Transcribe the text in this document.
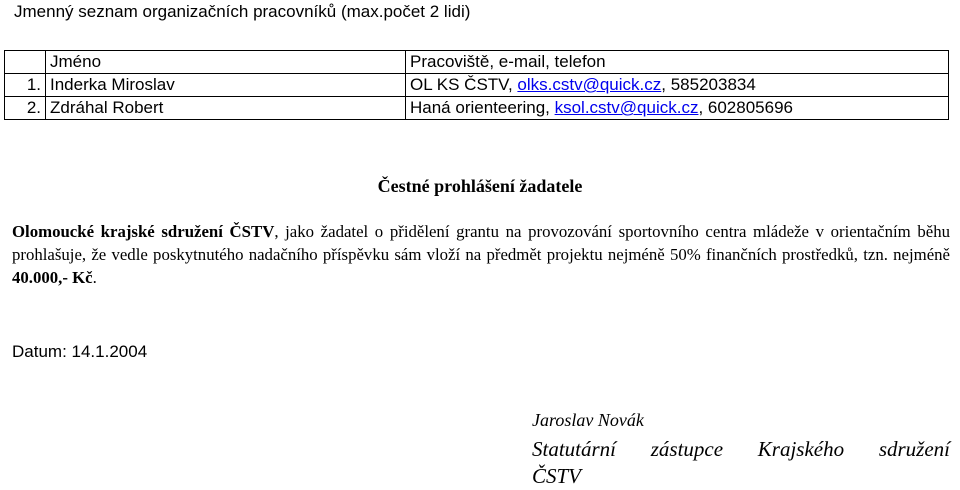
Jmenný seznam organizačních pracovníků (max.počet 2 lidi)
	Jméno	Pracoviště, e-mail, telefon
1.	Inderka Miroslav	OL KS ČSTV, olks.cstv@quick.cz, 585203834
2.	Zdráhal Robert	Haná orienteering, ksol.cstv@quick.cz, 602805696
Čestné prohlášení žadatele
Olomoucké krajské sdružení ČSTV, jako žadatel o přidělení grantu na provozování sportovního centra mládeže v orientačním běhu prohlašuje, že vedle poskytnutého nadačního příspěvku sám vloží na předmět projektu nejméně 50% finančních prostředků, tzn. nejméně 40.000,- Kč.
Datum: 14.1.2004
Jaroslav Novák
Statutární zástupce Krajského sdružení
ČSTV
